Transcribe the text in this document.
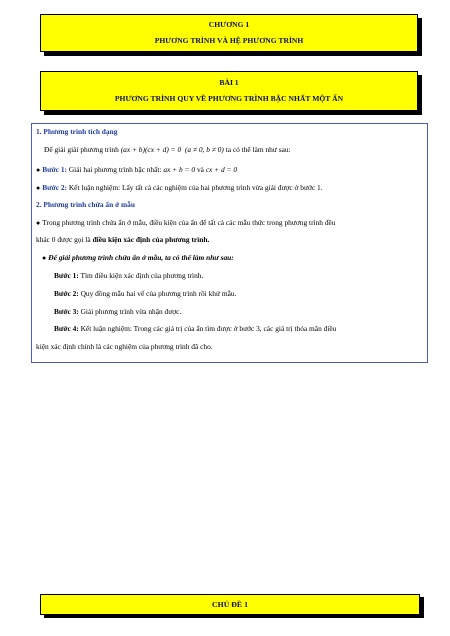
CHƯƠNG 1
PHƯƠNG TRÌNH VÀ HỆ PHƯƠNG TRÌNH
BÀI 1
PHƯƠNG TRÌNH QUY VỀ PHƯƠNG TRÌNH BẬC NHẤT MỘT ẨN
1. Phương trình tích dạng
Để giải giải phương trình (ax + b)(cx + d) = 0 (a ≠ 0, b ≠ 0) ta có thể làm như sau:
● Bước 1: Giải hai phương trình bậc nhất: ax + b = 0 và cx + d = 0
● Bước 2: Kết luận nghiệm: Lấy tất cả các nghiệm của hai phương trình vừa giải được ở bước 1.
2. Phương trình chứa ẩn ở mẫu
● Trong phương trình chứa ẩn ở mẫu, điều kiện của ẩn để tất cả các mẫu thức trong phương trình đều
khác 0 được gọi là điều kiện xác định của phương trình.
● Để giải phương trình chứa ẩn ở mẫu, ta có thể làm như sau:
Bước 1: Tìm điều kiện xác định của phương trình.
Bước 2: Quy đồng mẫu hai vế của phương trình rồi khử mẫu.
Bước 3: Giải phương trình vừa nhận được.
Bước 4: Kết luận nghiệm: Trong các giá trị của ẩn tìm được ở bước 3, các giá trị thỏa mãn điều
kiện xác định chính là các nghiệm của phương trình đã cho.
CHỦ ĐỀ 1
